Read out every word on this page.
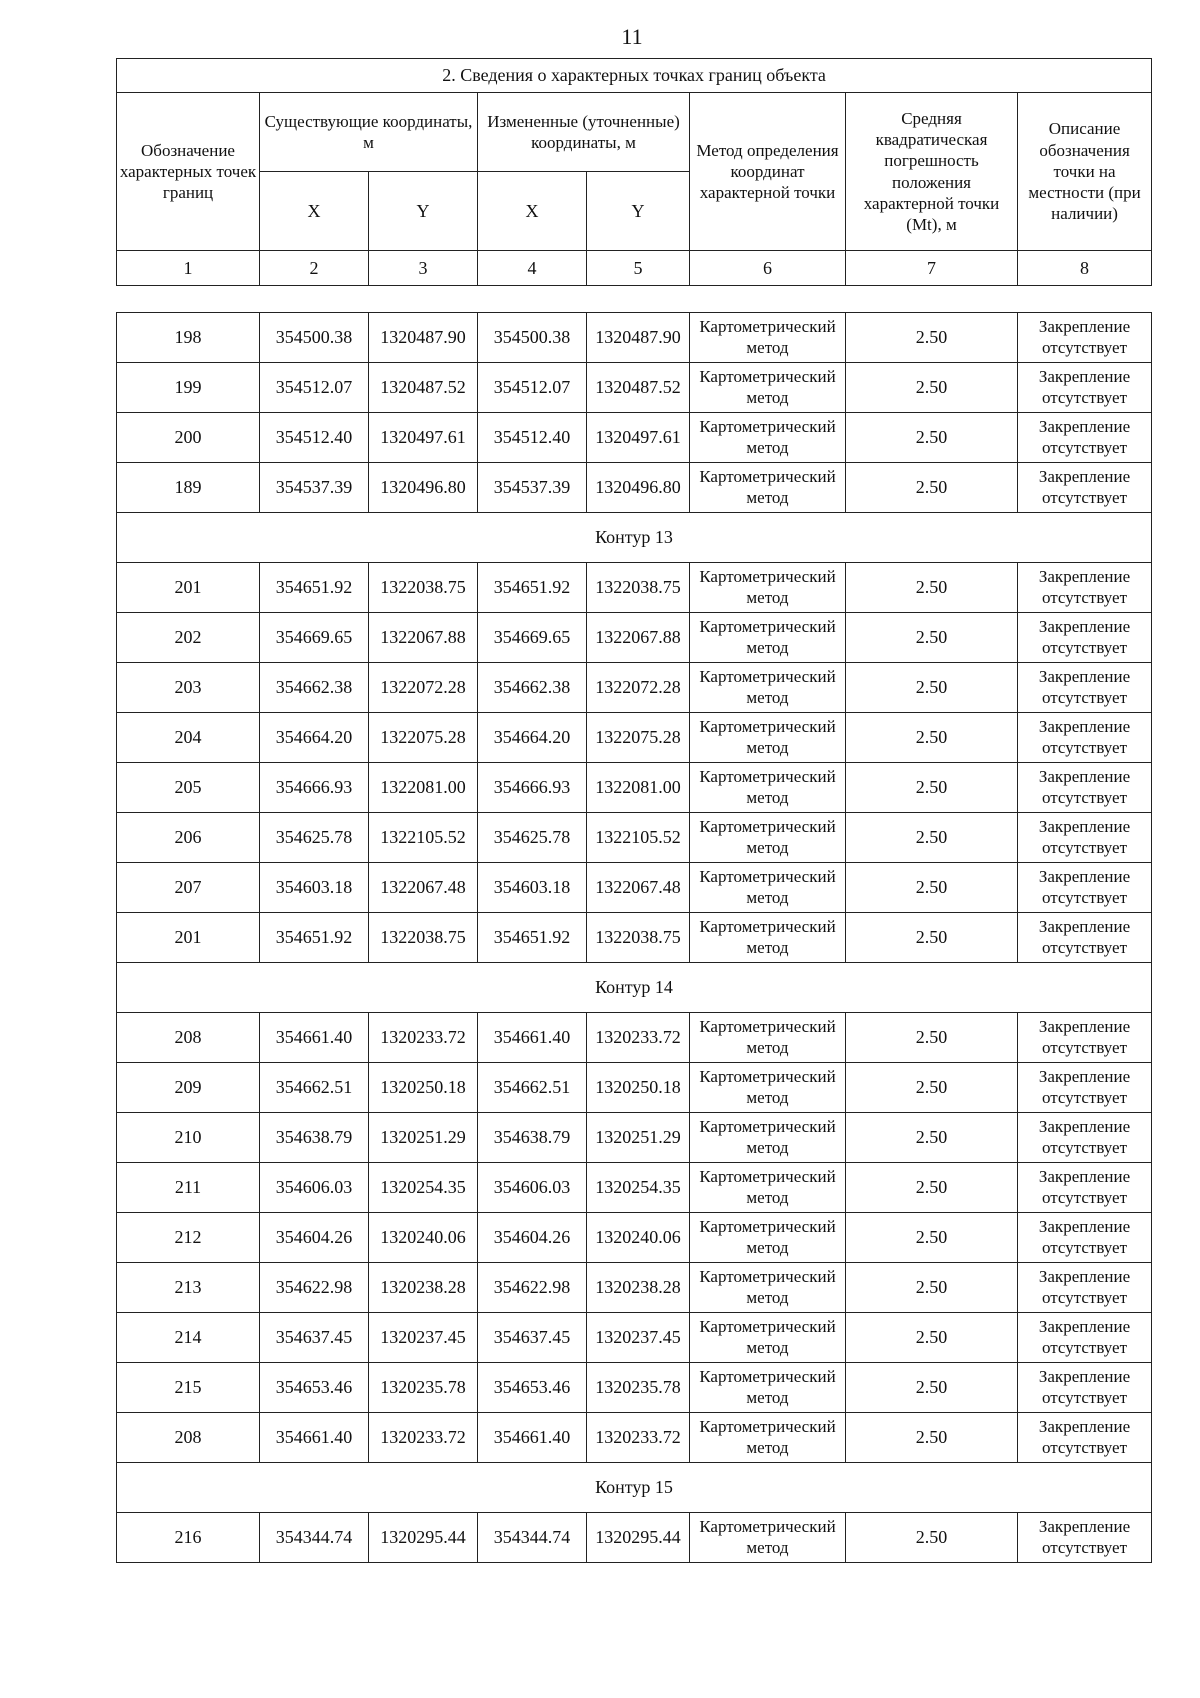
11
2. Сведения о характерных точках границ объекта							
Обозначение характерных точек границ	Существующие координаты, м		Измененные (уточненные) координаты, м		Метод определения координат характерной точки	Средняя квадратическая погрешность положения характерной точки (Mt), м	Описание обозначения точки на местности (при наличии)
	X	Y	X	Y			
1	2	3	4	5	6	7	8
198	354500.38	1320487.90	354500.38	1320487.90	Картометрический метод	2.50	Закрепление отсутствует
199	354512.07	1320487.52	354512.07	1320487.52	Картометрический метод	2.50	Закрепление отсутствует
200	354512.40	1320497.61	354512.40	1320497.61	Картометрический метод	2.50	Закрепление отсутствует
189	354537.39	1320496.80	354537.39	1320496.80	Картометрический метод	2.50	Закрепление отсутствует
Контур 13							
201	354651.92	1322038.75	354651.92	1322038.75	Картометрический метод	2.50	Закрепление отсутствует
202	354669.65	1322067.88	354669.65	1322067.88	Картометрический метод	2.50	Закрепление отсутствует
203	354662.38	1322072.28	354662.38	1322072.28	Картометрический метод	2.50	Закрепление отсутствует
204	354664.20	1322075.28	354664.20	1322075.28	Картометрический метод	2.50	Закрепление отсутствует
205	354666.93	1322081.00	354666.93	1322081.00	Картометрический метод	2.50	Закрепление отсутствует
206	354625.78	1322105.52	354625.78	1322105.52	Картометрический метод	2.50	Закрепление отсутствует
207	354603.18	1322067.48	354603.18	1322067.48	Картометрический метод	2.50	Закрепление отсутствует
201	354651.92	1322038.75	354651.92	1322038.75	Картометрический метод	2.50	Закрепление отсутствует
Контур 14							
208	354661.40	1320233.72	354661.40	1320233.72	Картометрический метод	2.50	Закрепление отсутствует
209	354662.51	1320250.18	354662.51	1320250.18	Картометрический метод	2.50	Закрепление отсутствует
210	354638.79	1320251.29	354638.79	1320251.29	Картометрический метод	2.50	Закрепление отсутствует
211	354606.03	1320254.35	354606.03	1320254.35	Картометрический метод	2.50	Закрепление отсутствует
212	354604.26	1320240.06	354604.26	1320240.06	Картометрический метод	2.50	Закрепление отсутствует
213	354622.98	1320238.28	354622.98	1320238.28	Картометрический метод	2.50	Закрепление отсутствует
214	354637.45	1320237.45	354637.45	1320237.45	Картометрический метод	2.50	Закрепление отсутствует
215	354653.46	1320235.78	354653.46	1320235.78	Картометрический метод	2.50	Закрепление отсутствует
208	354661.40	1320233.72	354661.40	1320233.72	Картометрический метод	2.50	Закрепление отсутствует
Контур 15							
216	354344.74	1320295.44	354344.74	1320295.44	Картометрический метод	2.50	Закрепление отсутствует
